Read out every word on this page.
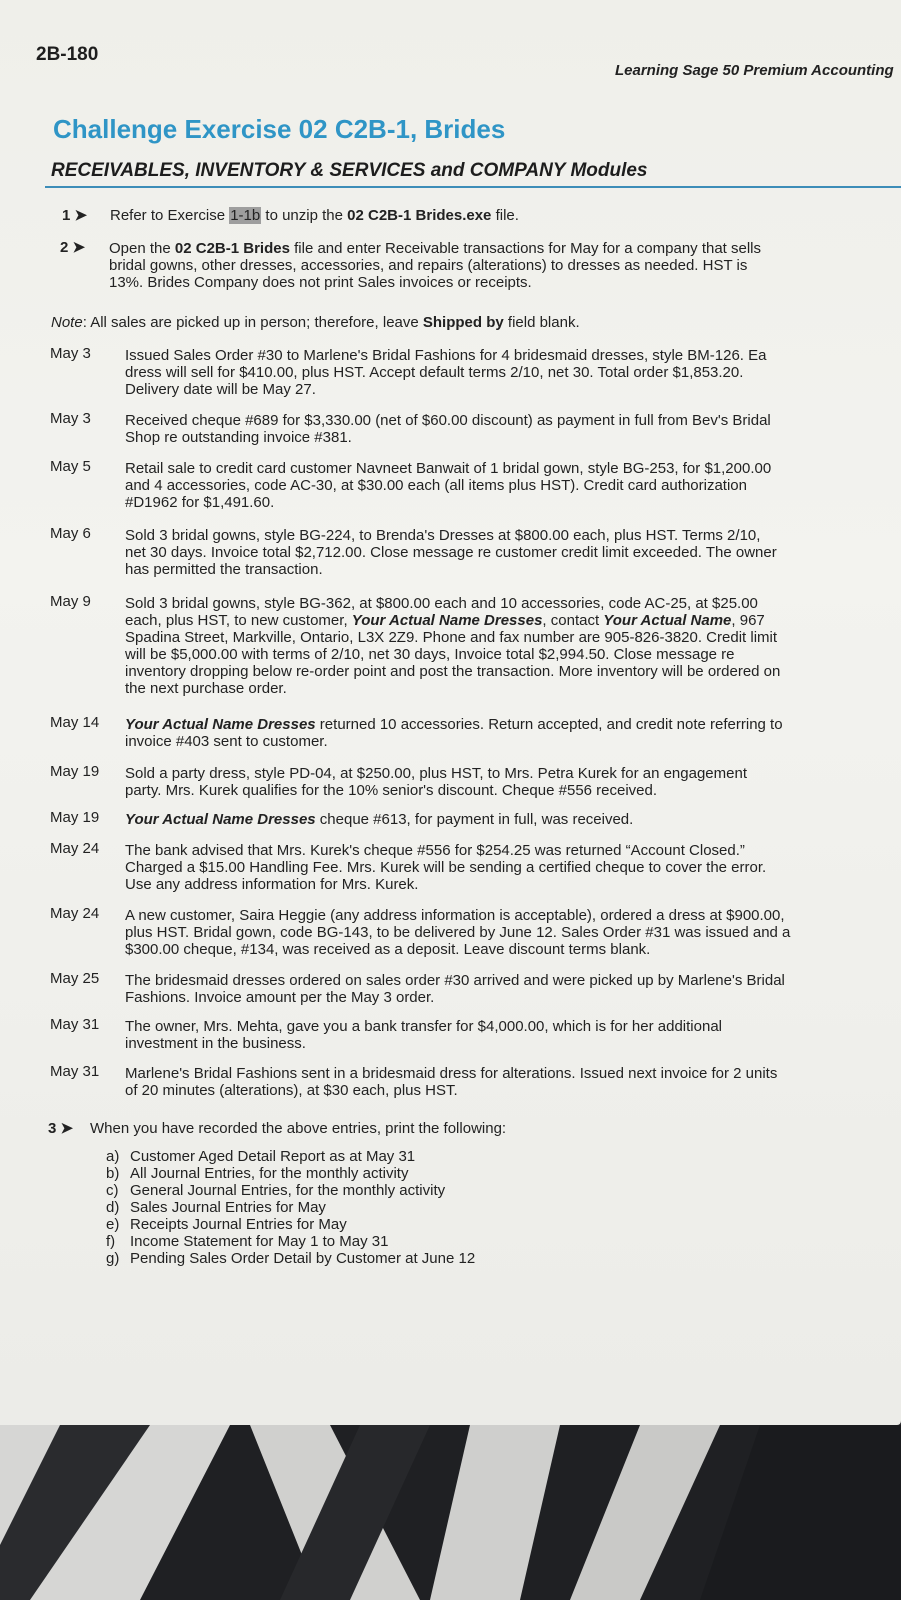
2B-180
Learning Sage 50 Premium Accounting
Challenge Exercise 02 C2B-1, Brides
RECEIVABLES, INVENTORY & SERVICES and COMPANY Modules
1 ➤ Refer to Exercise 1-1b to unzip the 02 C2B-1 Brides.exe file.
2 ➤ Open the 02 C2B-1 Brides file and enter Receivable transactions for May for a company that sells
bridal gowns, other dresses, accessories, and repairs (alterations) to dresses as needed. HST is
13%. Brides Company does not print Sales invoices or receipts.
Note: All sales are picked up in person; therefore, leave Shipped by field blank.
May 3 Issued Sales Order #30 to Marlene's Bridal Fashions for 4 bridesmaid dresses, style BM-126. Ea
dress will sell for $410.00, plus HST. Accept default terms 2/10, net 30. Total order $1,853.20.
Delivery date will be May 27.
May 3 Received cheque #689 for $3,330.00 (net of $60.00 discount) as payment in full from Bev's Bridal
Shop re outstanding invoice #381.
May 5 Retail sale to credit card customer Navneet Banwait of 1 bridal gown, style BG-253, for $1,200.00
and 4 accessories, code AC-30, at $30.00 each (all items plus HST). Credit card authorization
#D1962 for $1,491.60.
May 6 Sold 3 bridal gowns, style BG-224, to Brenda's Dresses at $800.00 each, plus HST. Terms 2/10,
net 30 days. Invoice total $2,712.00. Close message re customer credit limit exceeded. The owner
has permitted the transaction.
May 9 Sold 3 bridal gowns, style BG-362, at $800.00 each and 10 accessories, code AC-25, at $25.00
each, plus HST, to new customer, Your Actual Name Dresses, contact Your Actual Name, 967
Spadina Street, Markville, Ontario, L3X 2Z9. Phone and fax number are 905-826-3820. Credit limit
will be $5,000.00 with terms of 2/10, net 30 days, Invoice total $2,994.50. Close message re
inventory dropping below re-order point and post the transaction. More inventory will be ordered on
the next purchase order.
May 14 Your Actual Name Dresses returned 10 accessories. Return accepted, and credit note referring to
invoice #403 sent to customer.
May 19 Sold a party dress, style PD-04, at $250.00, plus HST, to Mrs. Petra Kurek for an engagement
party. Mrs. Kurek qualifies for the 10% senior's discount. Cheque #556 received.
May 19 Your Actual Name Dresses cheque #613, for payment in full, was received.
May 24 The bank advised that Mrs. Kurek's cheque #556 for $254.25 was returned “Account Closed.”
Charged a $15.00 Handling Fee. Mrs. Kurek will be sending a certified cheque to cover the error.
Use any address information for Mrs. Kurek.
May 24 A new customer, Saira Heggie (any address information is acceptable), ordered a dress at $900.00,
plus HST. Bridal gown, code BG-143, to be delivered by June 12. Sales Order #31 was issued and a
$300.00 cheque, #134, was received as a deposit. Leave discount terms blank.
May 25 The bridesmaid dresses ordered on sales order #30 arrived and were picked up by Marlene's Bridal
Fashions. Invoice amount per the May 3 order.
May 31 The owner, Mrs. Mehta, gave you a bank transfer for $4,000.00, which is for her additional
investment in the business.
May 31 Marlene's Bridal Fashions sent in a bridesmaid dress for alterations. Issued next invoice for 2 units
of 20 minutes (alterations), at $30 each, plus HST.
3 ➤ When you have recorded the above entries, print the following:
a) Customer Aged Detail Report as at May 31
b) All Journal Entries, for the monthly activity
c) General Journal Entries, for the monthly activity
d) Sales Journal Entries for May
e) Receipts Journal Entries for May
f) Income Statement for May 1 to May 31
g) Pending Sales Order Detail by Customer at June 12
